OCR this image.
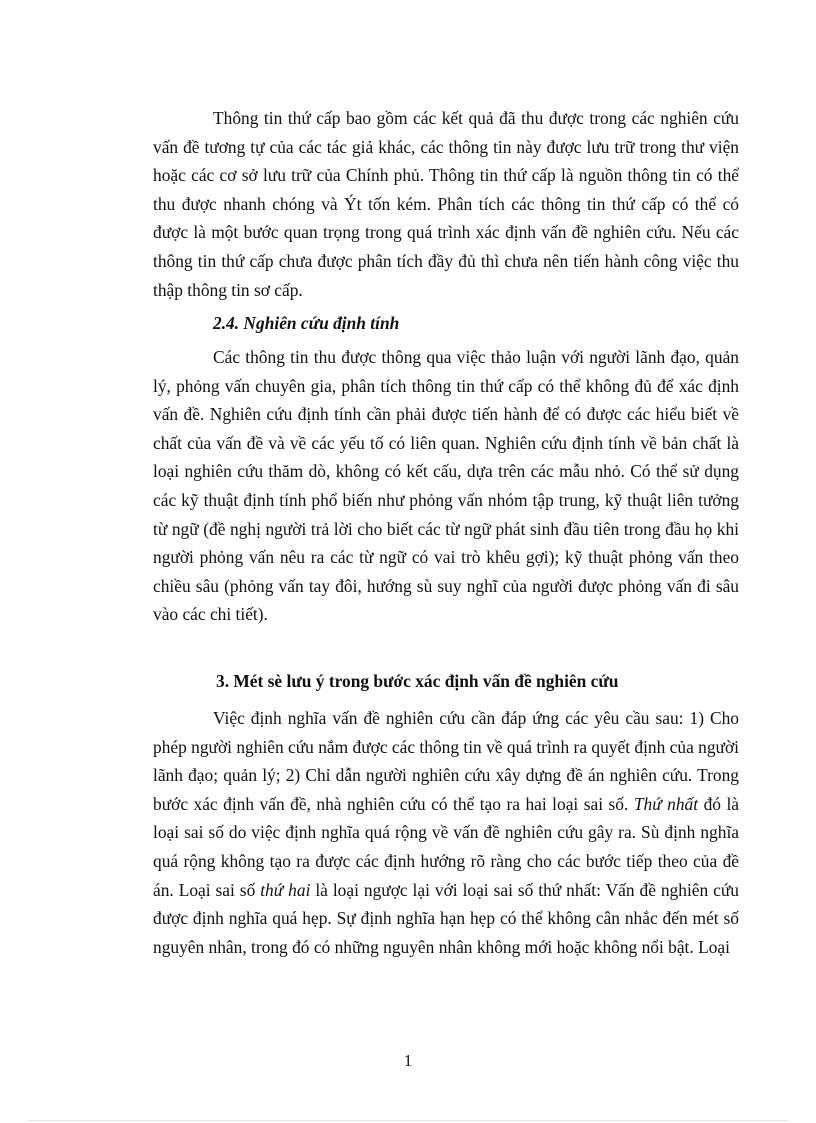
Thông tin thứ cấp bao gồm các kết quả đã thu được trong các nghiên cứu vấn đề tương tự của các tác giả khác, các thông tin này được lưu trữ trong thư viện hoặc các cơ sở lưu trữ của Chính phủ. Thông tin thứ cấp là nguồn thông tin có thể thu được nhanh chóng và Ýt tốn kém. Phân tích các thông tin thứ cấp có thể có được là một bước quan trọng trong quá trình xác định vấn đề nghiên cứu. Nếu các thông tin thứ cấp chưa được phân tích đầy đủ thì chưa nên tiến hành công việc thu thập thông tin sơ cấp.

2.4. Nghiên cứu định tính

Các thông tin thu được thông qua việc thảo luận với người lãnh đạo, quản lý, phỏng vấn chuyên gia, phân tích thông tin thứ cấp có thể không đủ để xác định vấn đề. Nghiên cứu định tính cần phải được tiến hành để có được các hiểu biết về chất của vấn đề và về các yếu tố có liên quan. Nghiên cứu định tính về bản chất là loại nghiên cứu thăm dò, không có kết cấu, dựa trên các mẫu nhỏ. Có thể sử dụng các kỹ thuật định tính phổ biến như phỏng vấn nhóm tập trung, kỹ thuật liên tưởng từ ngữ (đề nghị người trả lời cho biết các từ ngữ phát sinh đầu tiên trong đầu họ khi người phỏng vấn nêu ra các từ ngữ có vai trò khêu gợi); kỹ thuật phỏng vấn theo chiều sâu (phỏng vấn tay đôi, hướng sù suy nghĩ của người được phỏng vấn đi sâu vào các chi tiết).

3. Mét sè lưu ý trong bước xác định vấn đề nghiên cứu

Việc định nghĩa vấn đề nghiên cứu cần đáp ứng các yêu cầu sau: 1) Cho phép người nghiên cứu nắm được các thông tin về quá trình ra quyết định của người lãnh đạo; quản lý; 2) Chỉ dẫn người nghiên cứu xây dựng đề án nghiên cứu. Trong bước xác định vấn đề, nhà nghiên cứu có thể tạo ra hai loại sai số. Thứ nhất đó là loại sai số do việc định nghĩa quá rộng về vấn đề nghiên cứu gây ra. Sù định nghĩa quá rộng không tạo ra được các định hướng rõ ràng cho các bước tiếp theo của đề án. Loại sai số thứ hai là loại ngược lại với loại sai số thứ nhất: Vấn đề nghiên cứu được định nghĩa quá hẹp. Sự định nghĩa hạn hẹp có thể không cân nhắc đến mét số nguyên nhân, trong đó có những nguyên nhân không mới hoặc không nổi bật. Loại

1
